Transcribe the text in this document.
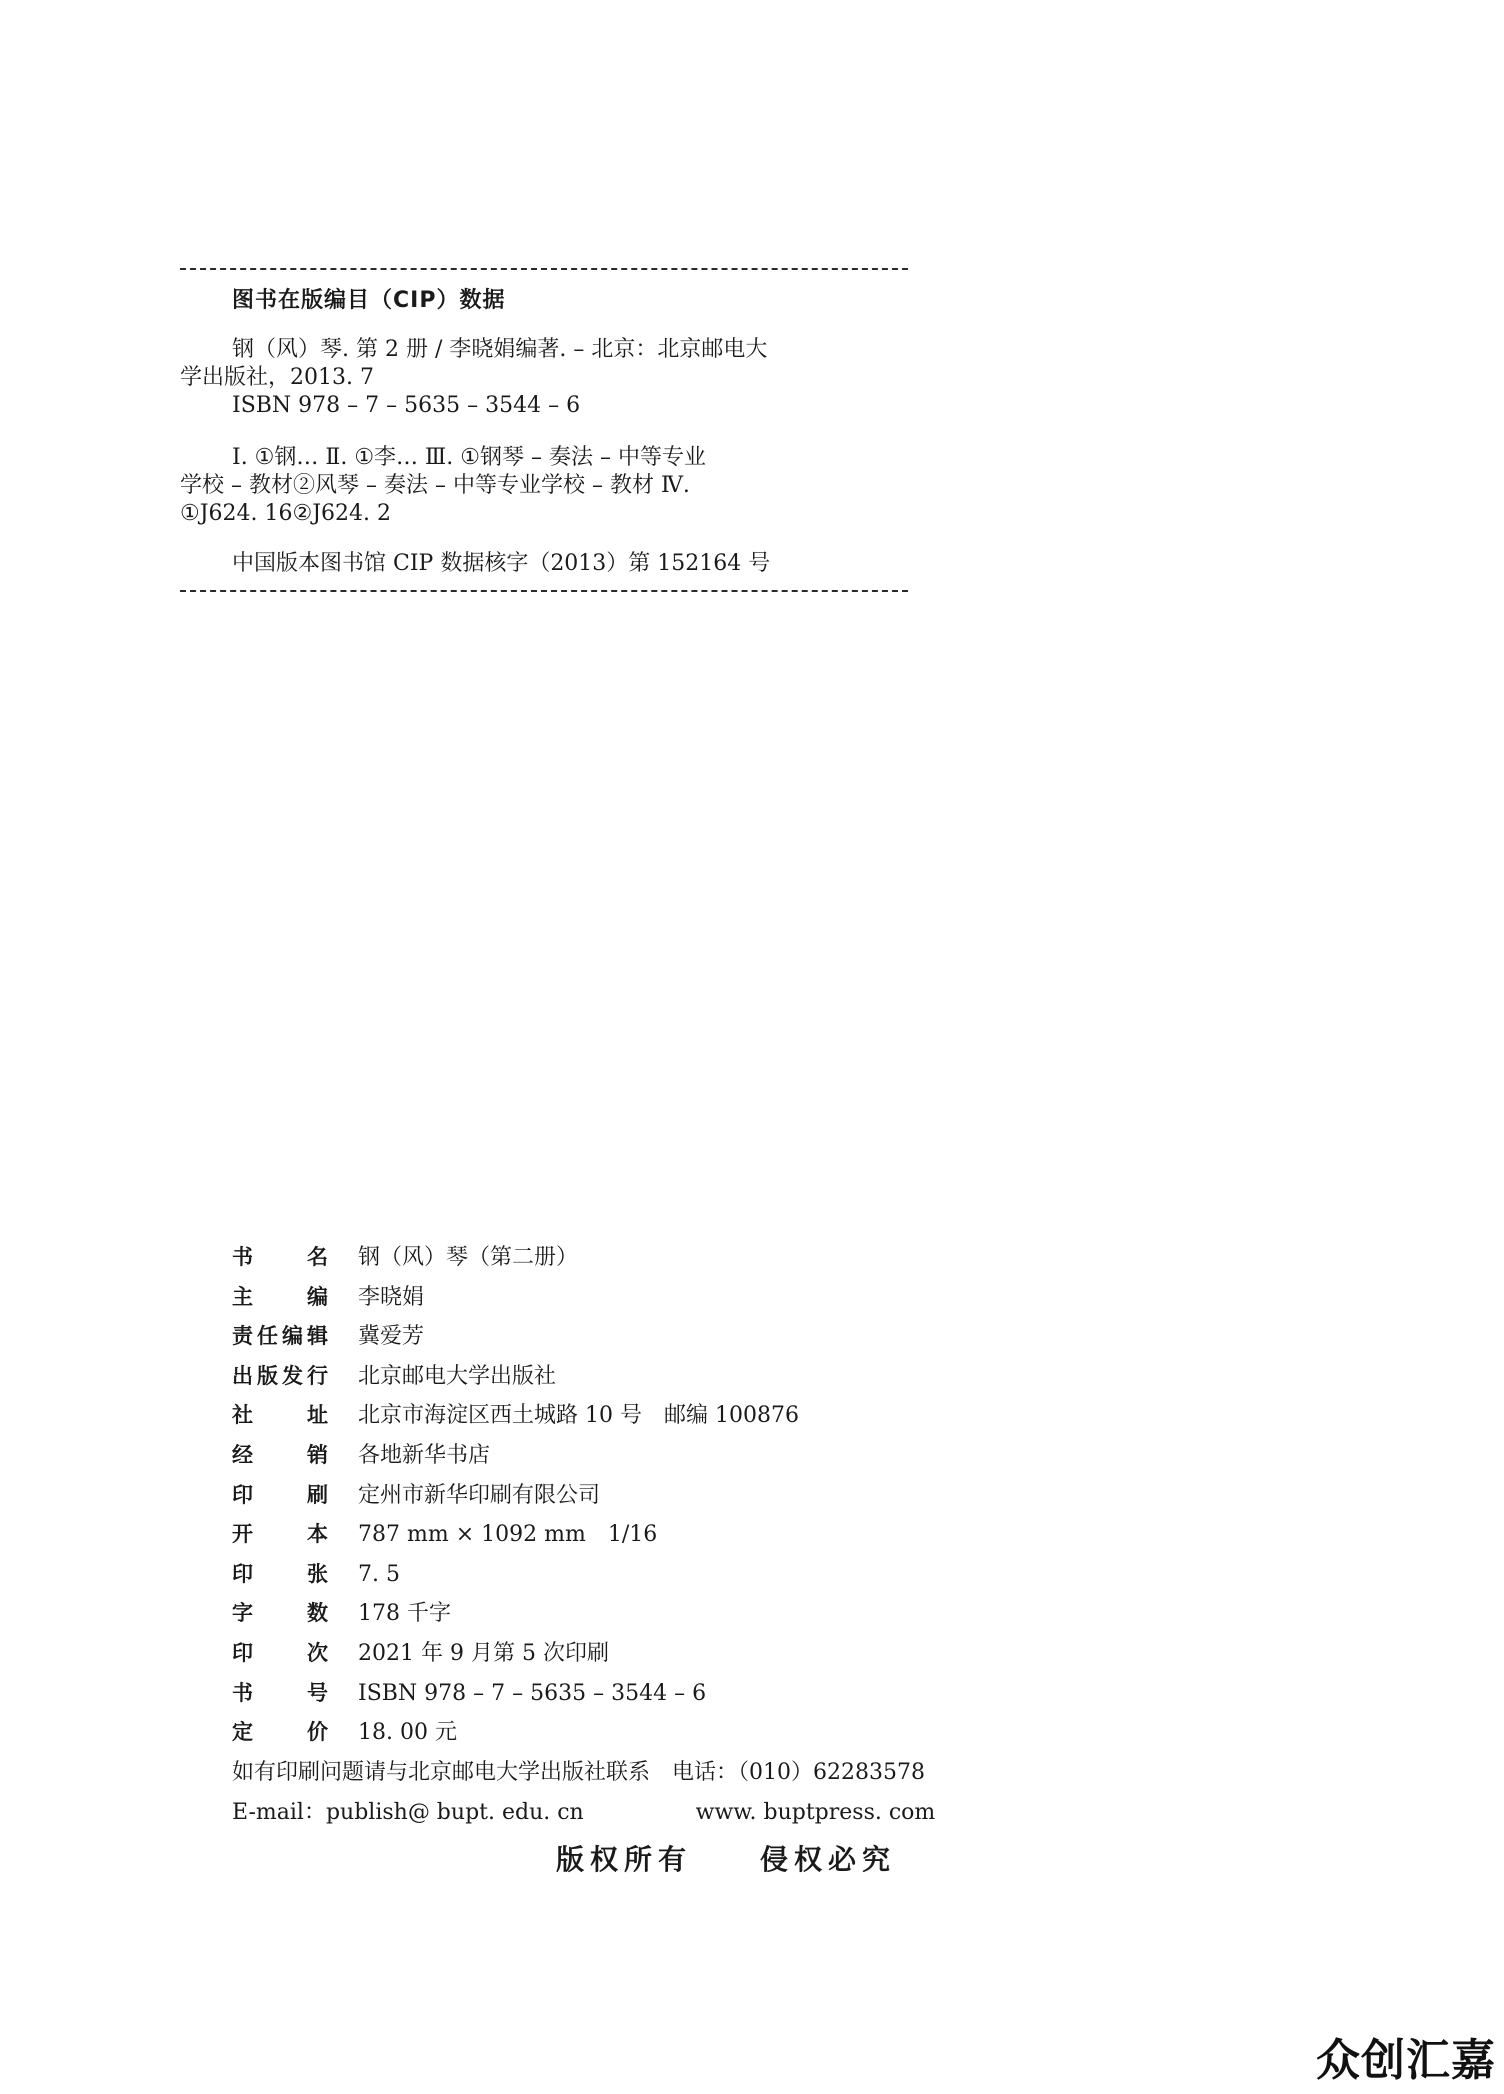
图书在版编目（CIP）数据

钢（风）琴. 第 2 册 / 李晓娟编著. – 北京：北京邮电大
学出版社，2013. 7
ISBN 978 – 7 – 5635 – 3544 – 6

Ⅰ. ①钢… Ⅱ. ①李… Ⅲ. ①钢琴 – 奏法 – 中等专业
学校 – 教材②风琴 – 奏法 – 中等专业学校 – 教材 Ⅳ.
①J624. 16②J624. 2

中国版本图书馆 CIP 数据核字（2013）第 152164 号

书	名 钢（风）琴（第二册）
主	编 李晓娟
责 任 编 辑 冀爱芳
出 版 发 行 北京邮电大学出版社
社	址 北京市海淀区西土城路 10 号　邮编 100876
经	销 各地新华书店
印	刷 定州市新华印刷有限公司
开	本 787 mm × 1092 mm　1/16
印	张 7. 5
字	数 178 千字
印	次 2021 年 9 月第 5 次印刷
书	号 ISBN 978 – 7 – 5635 – 3544 – 6
定	价 18. 00 元
如有印刷问题请与北京邮电大学出版社联系　电话：（010）62283578
E-mail：publish@ bupt. edu. cn                www. buptpress. com
版权所有　　侵权必究
众创汇嘉
